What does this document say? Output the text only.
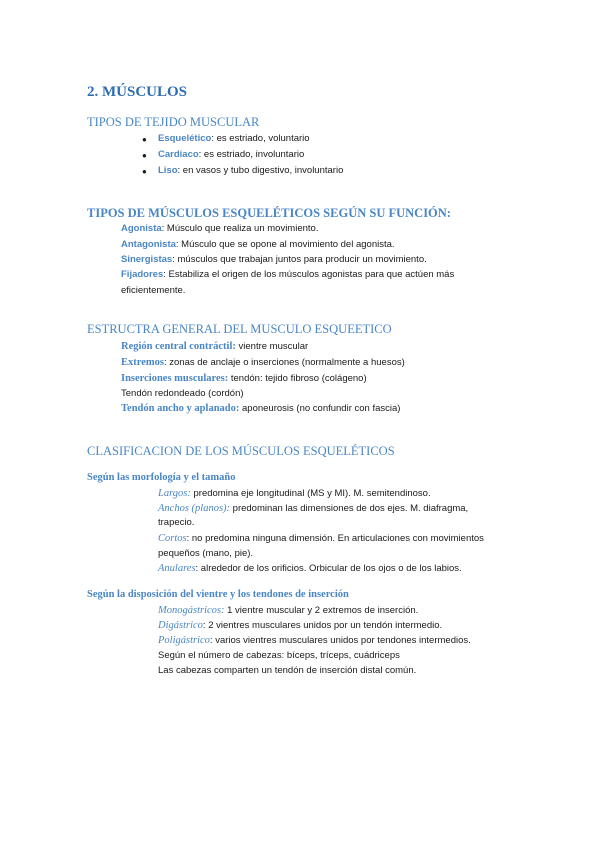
2. MÚSCULOS
TIPOS DE TEJIDO MUSCULAR
● Esquelético: es estriado, voluntario
● Cardiaco: es estriado, involuntario
● Liso: en vasos y tubo digestivo, involuntario
TIPOS DE MÚSCULOS ESQUELÉTICOS SEGÚN SU FUNCIÓN:
Agonista: Músculo que realiza un movimiento.
Antagonista: Músculo que se opone al movimiento del agonista.
Sinergistas: músculos que trabajan juntos para producir un movimiento.
Fijadores: Estabiliza el origen de los músculos agonistas para que actúen más
eficientemente.
ESTRUCTRA GENERAL DEL MUSCULO ESQUEETICO
Región central contráctil: vientre muscular
Extremos: zonas de anclaje o inserciones (normalmente a huesos)
Inserciones musculares: tendón: tejido fibroso (colágeno)
Tendón redondeado (cordón)
Tendón ancho y aplanado: aponeurosis (no confundir con fascia)
CLASIFICACION DE LOS MÚSCULOS ESQUELÉTICOS
Según las morfología y el tamaño
Largos: predomina eje longitudinal (MS y MI). M. semitendinoso.
Anchos (planos): predominan las dimensiones de dos ejes. M. diafragma,
trapecio.
Cortos: no predomina ninguna dimensión. En articulaciones con movimientos
pequeños (mano, pie).
Anulares: alrededor de los orificios. Orbicular de los ojos o de los labios.
Según la disposición del vientre y los tendones de inserción
Monogástricos: 1 vientre muscular y 2 extremos de inserción.
Digástrico: 2 vientres musculares unidos por un tendón intermedio.
Poligástrico: varios vientres musculares unidos por tendones intermedios.
Según el número de cabezas: bíceps, tríceps, cuádriceps
Las cabezas comparten un tendón de inserción distal común.
